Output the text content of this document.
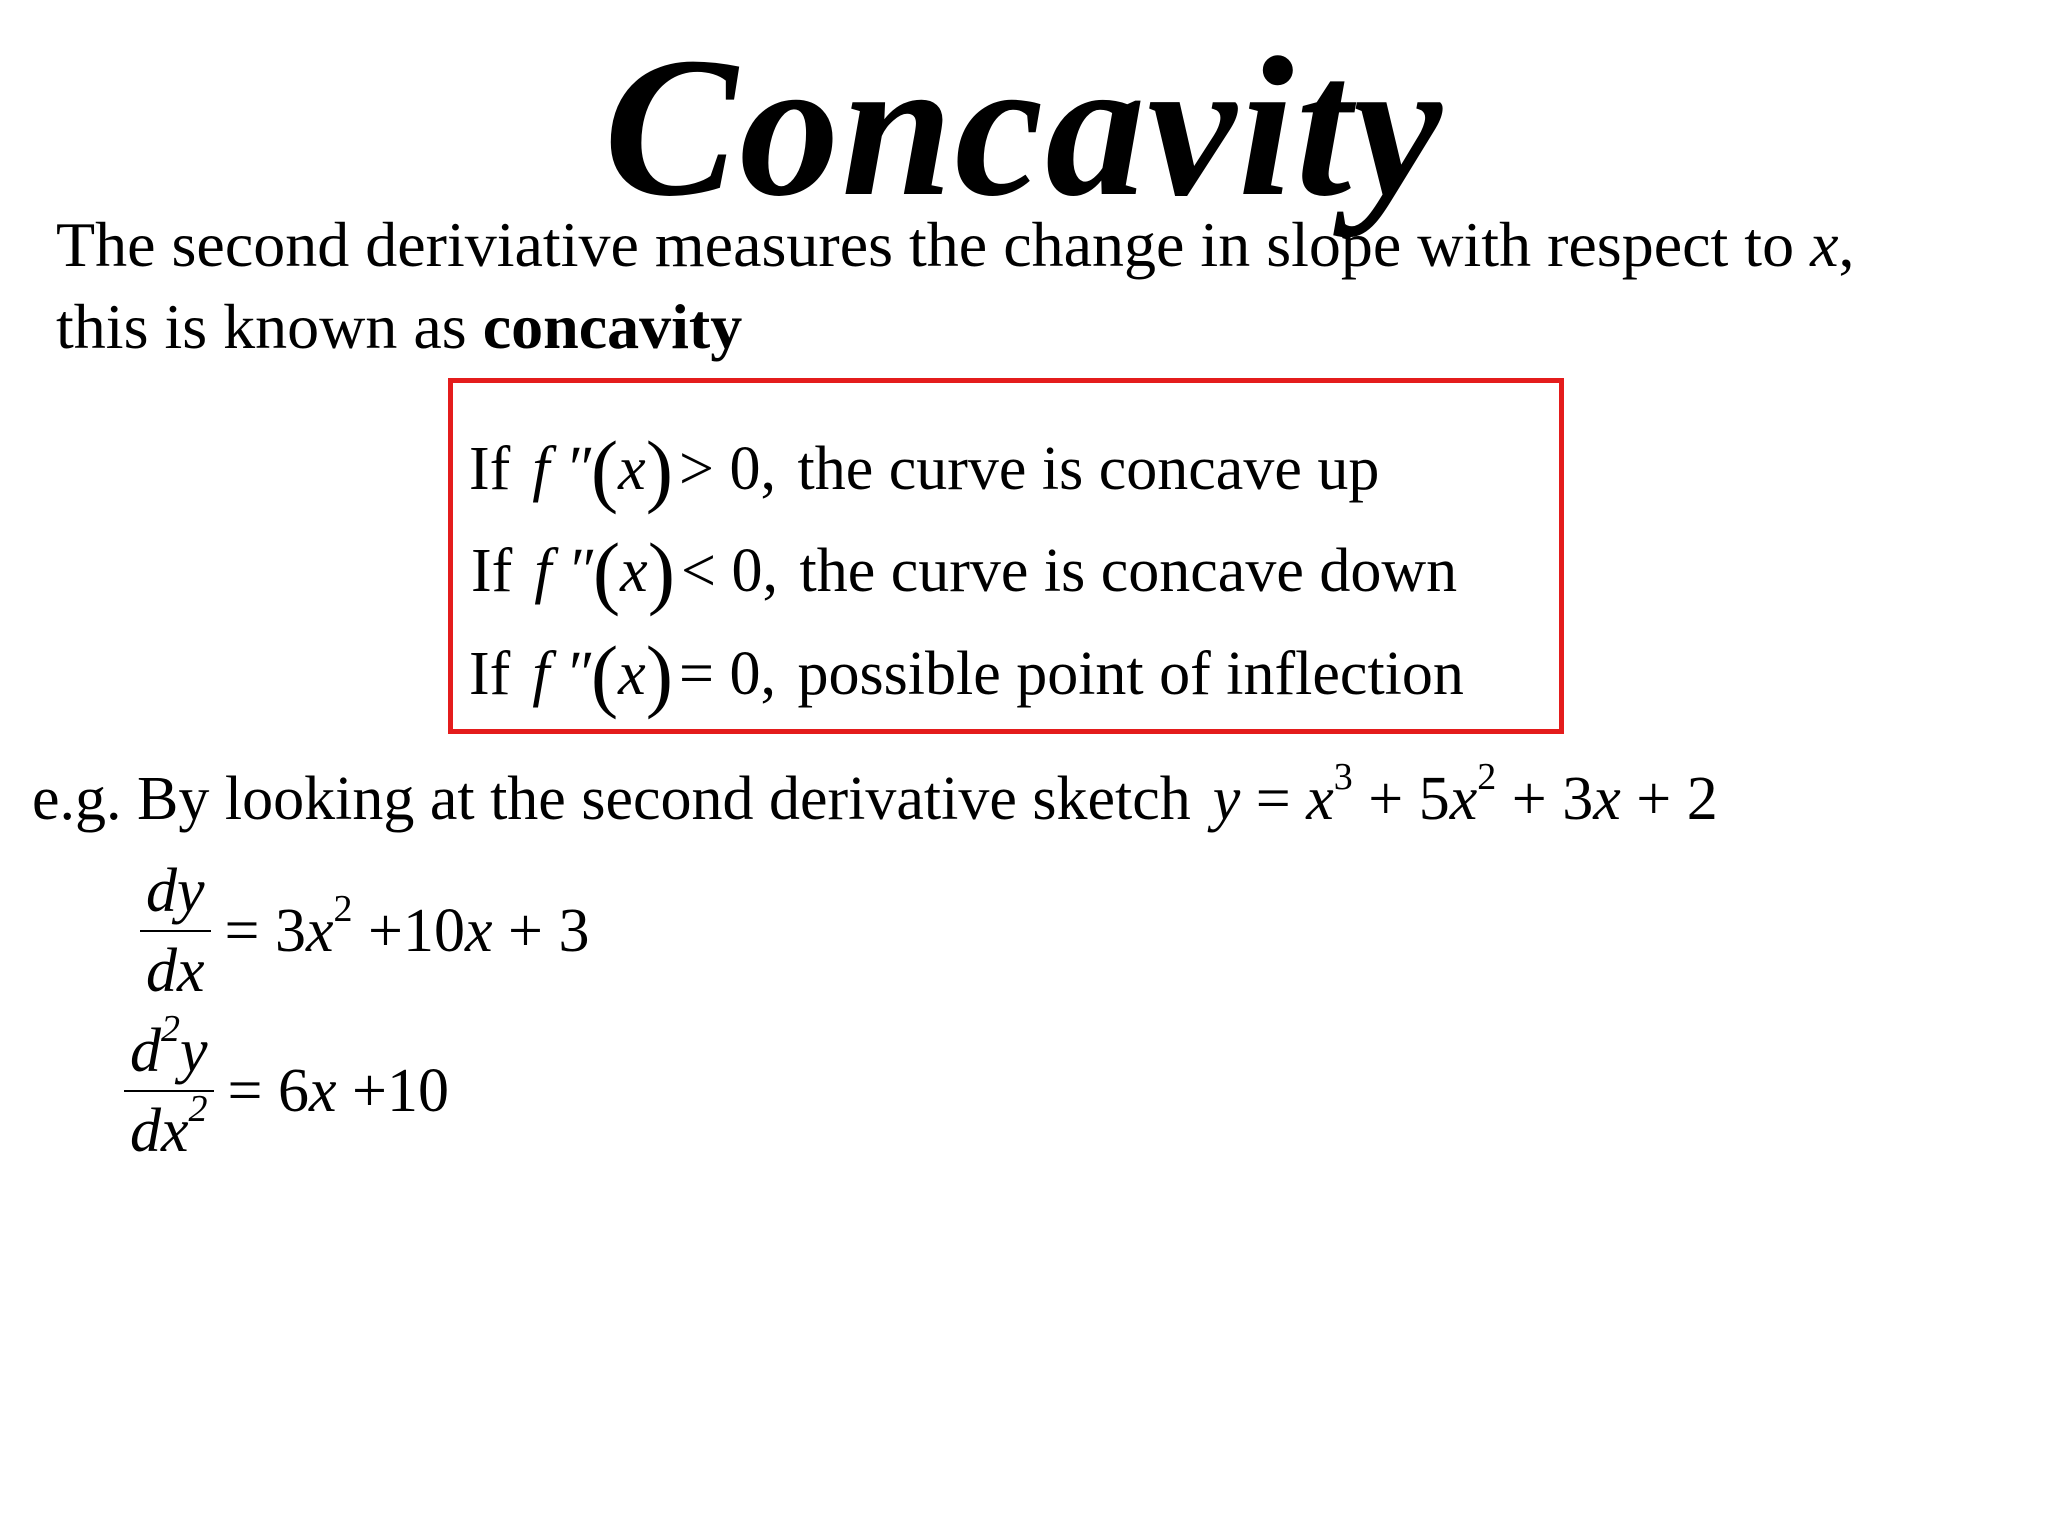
Concavity

The second deriviative measures the change in slope with respect to x,
this is known as concavity

If f ″(x)> 0, the curve is concave up
If f ″(x)< 0, the curve is concave down
If f ″(x)= 0, possible point of inflection
e.g. By looking at the second derivative sketch $y = x^3 + 5x^2 + 3x + 2$
$\frac{dy}{dx} = 3x^2 +10x + 3$
$\frac{d^2y}{dx^2} = 6x +10$
